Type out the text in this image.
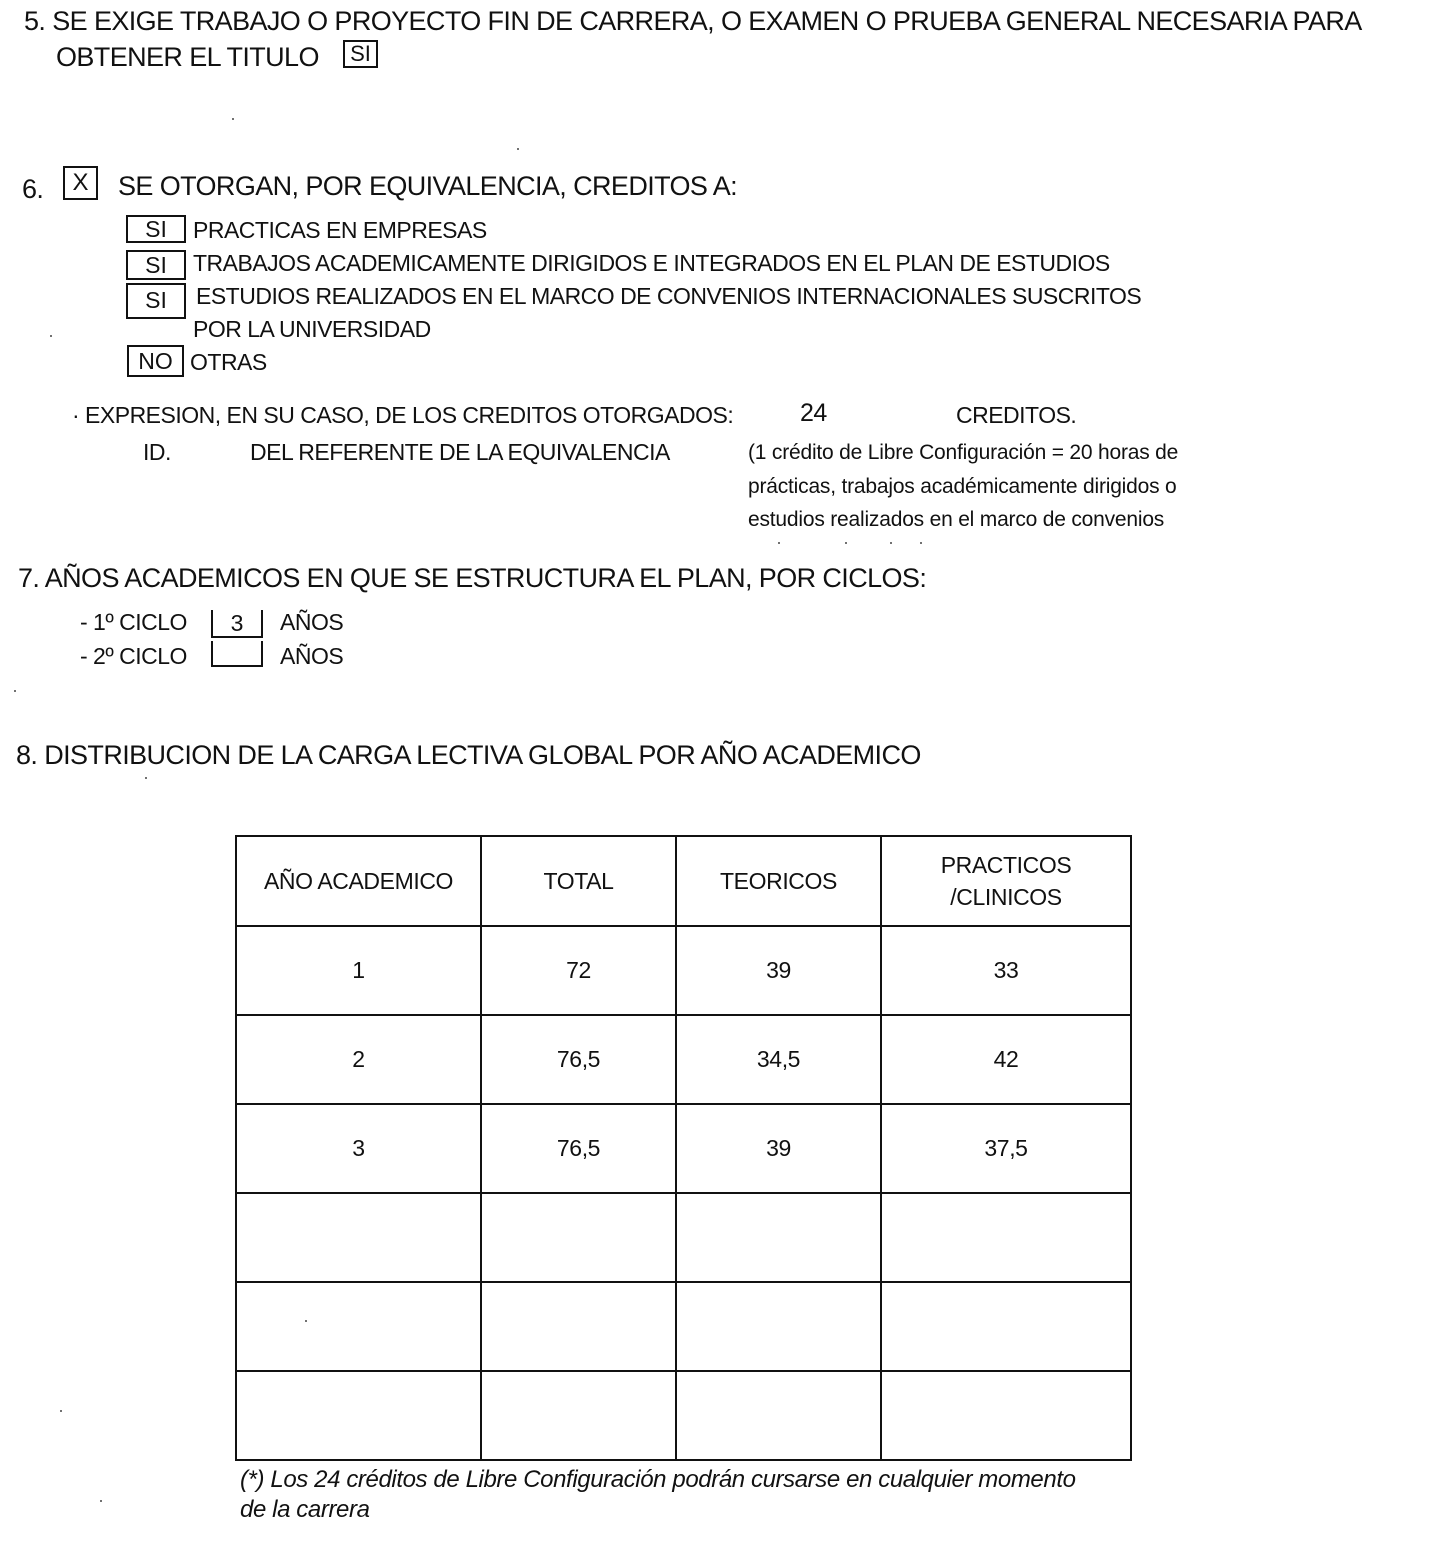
5. SE EXIGE TRABAJO O PROYECTO FIN DE CARRERA, O EXAMEN O PRUEBA GENERAL NECESARIA PARA
OBTENER EL TITULO	SI
6.	X	SE OTORGAN, POR EQUIVALENCIA, CREDITOS A:
SI	PRACTICAS EN EMPRESAS
SI	TRABAJOS ACADEMICAMENTE DIRIGIDOS E INTEGRADOS EN EL PLAN DE ESTUDIOS
SI	ESTUDIOS REALIZADOS EN EL MARCO DE CONVENIOS INTERNACIONALES SUSCRITOS
POR LA UNIVERSIDAD
NO OTRAS
· EXPRESION, EN SU CASO, DE LOS CREDITOS OTORGADOS:	24	CREDITOS.
ID.	DEL REFERENTE DE LA EQUIVALENCIA	(1 crédito de Libre Configuración = 20 horas de
prácticas, trabajos académicamente dirigidos o
estudios realizados en el marco de convenios
7. AÑOS ACADEMICOS EN QUE SE ESTRUCTURA EL PLAN, POR CICLOS:
- 1º CICLO	3	AÑOS
- 2º CICLO	AÑOS
8. DISTRIBUCION DE LA CARGA LECTIVA GLOBAL POR AÑO ACADEMICO
AÑO ACADEMICO	TOTAL	TEORICOS	PRACTICOS
/CLINICOS
1	72	39	33
2	76,5	34,5	42
3	76,5	39	37,5

(*) Los 24 créditos de Libre Configuración podrán cursarse en cualquier momento
de la carrera
